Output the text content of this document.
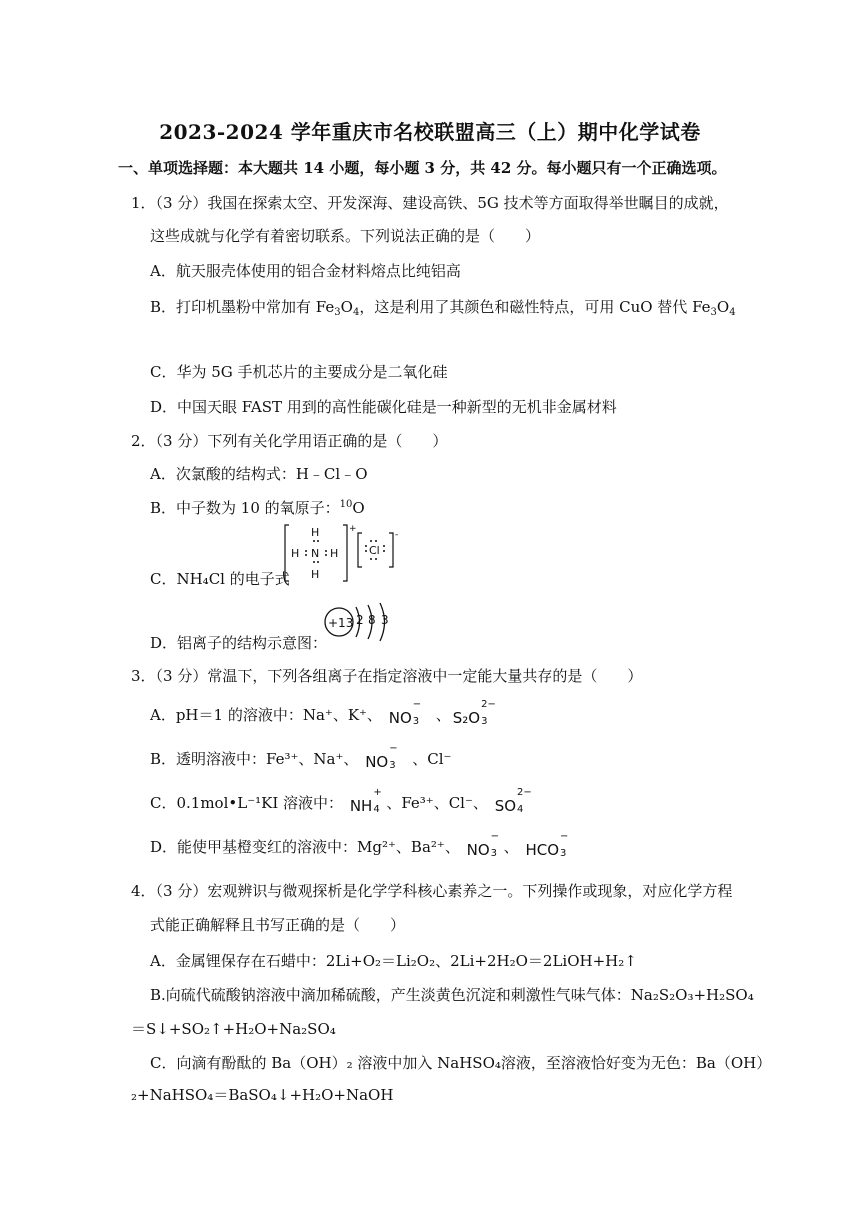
2023-2024 学年重庆市名校联盟高三（上）期中化学试卷
一、单项选择题：本大题共 14 小题，每小题 3 分，共 42 分。每小题只有一个正确选项。
1．（3 分）我国在探索太空、开发深海、建设高铁、5G 技术等方面取得举世瞩目的成就，
这些成就与化学有着密切联系。下列说法正确的是（　　）
A．航天服壳体使用的铝合金材料熔点比纯铝高
B．打印机墨粉中常加有 $Fe_3O_4$，这是利用了其颜色和磁性特点，可用 CuO 替代 $Fe_3O_4$
C．华为 5G 手机芯片的主要成分是二氧化硅
D．中国天眼 FAST 用到的高性能碳化硅是一种新型的无机非金属材料
2．（3 分）下列有关化学用语正确的是（　　）
A．次氯酸的结构式：H﹣Cl﹣O
B．中子数为 10 的氧原子：$^{10}$O
C．NH₄Cl 的电子式
H
H N H
H
+
Cl
-
D．铝离子的结构示意图：
+13 2 8 3
3．（3 分）常温下，下列各组离子在指定溶液中一定能大量共存的是（　　）
A．pH＝1 的溶液中：Na⁺、K⁺、 NO
−
3 、 S₂O
2−
3
B．透明溶液中：Fe³⁺、Na⁺、 NO
−
3 、Cl⁻
C．0.1mol•L⁻¹KI 溶液中： NH
+
4 、Fe³⁺、Cl⁻、 SO
2−
4
D．能使甲基橙变红的溶液中：Mg²⁺、Ba²⁺、 NO
−
3 、 HCO
−
3
4．（3 分）宏观辨识与微观探析是化学学科核心素养之一。下列操作或现象，对应化学方程
式能正确解释且书写正确的是（　　）
A．金属锂保存在石蜡中：2Li+O₂＝Li₂O₂、2Li+2H₂O＝2LiOH+H₂↑
B.向硫代硫酸钠溶液中滴加稀硫酸，产生淡黄色沉淀和刺激性气味气体：Na₂S₂O₃+H₂SO₄
＝S↓+SO₂↑+H₂O+Na₂SO₄
C．向滴有酚酞的 Ba（OH）₂ 溶液中加入 NaHSO₄溶液，至溶液恰好变为无色：Ba（OH）
₂+NaHSO₄＝BaSO₄↓+H₂O+NaOH
